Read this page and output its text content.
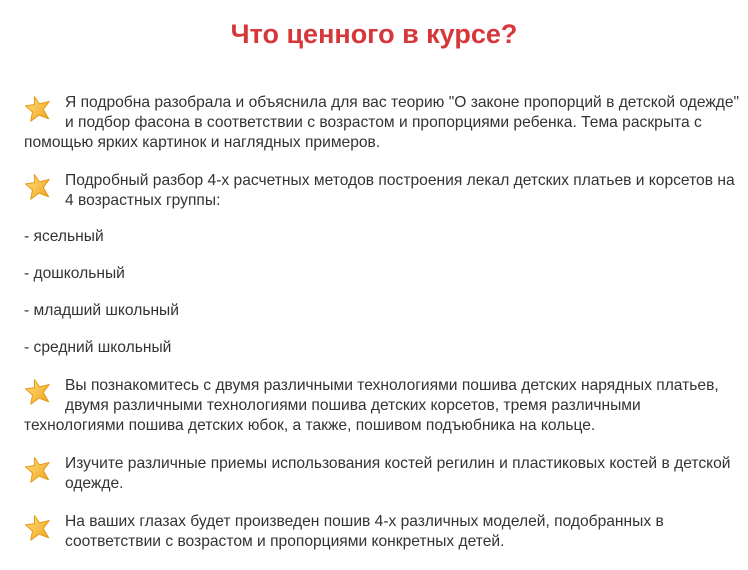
Что ценного в курсе?

Я подробна разобрала и объяснила для вас теорию "О законе пропорций в детской одежде" и подбор фасона в соответствии с возрастом и пропорциями ребенка. Тема раскрыта с помощью ярких картинок и наглядных примеров.

Подробный разбор 4-х расчетных методов построения лекал детских платьев и корсетов на 4 возрастных группы:

- ясельный

- дошкольный

- младший школьный

- средний школьный

Вы познакомитесь с двумя различными технологиями пошива детских нарядных платьев, двумя различными технологиями пошива детских корсетов, тремя различными технологиями пошива детских юбок, а также, пошивом подъюбника на кольце.

Изучите различные приемы использования костей регилин и пластиковых костей в детской одежде.

На ваших глазах будет произведен пошив 4-х различных моделей, подобранных в соответствии с возрастом и пропорциями конкретных детей.
